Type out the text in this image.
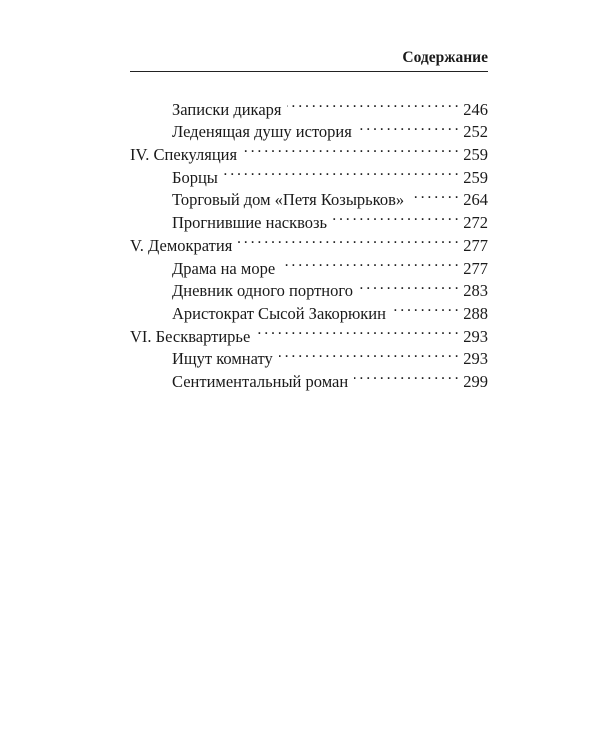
Содержание
Записки дикаря . . .	246
Леденящая душу история . . .	252
IV. Спекуляция . . .	259
Борцы . . .	259
Торговый дом «Петя Козырьков» . . .	264
Прогнившие насквозь . . .	272
V. Демократия . . .	277
Драма на море . . .	277
Дневник одного портного . . .	283
Аристократ Сысой Закорюкин . . .	288
VI. Бесквартирье . . .	293
Ищут комнату . . .	293
Сентиментальный роман . . .	299
